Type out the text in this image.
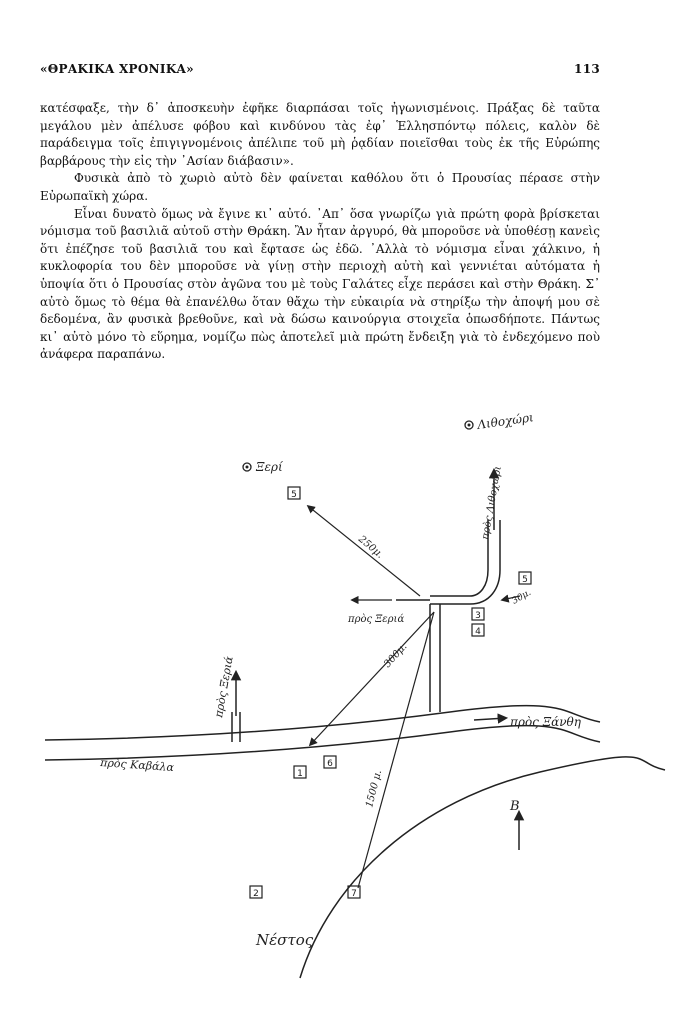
«ΘΡΑΚΙΚΑ ΧΡΟΝΙΚΑ»	113

κατέσφαξε, τὴν δ᾿ ἀποσκευὴν ἐφῆκε διαρπάσαι τοῖς ἠγωνισμένοις. Πράξας δὲ ταῦτα μεγάλου μὲν ἀπέλυσε φόβου καὶ κινδύνου τὰς ἐφ᾿ Ἑλλησπόντῳ πόλεις, καλὸν δὲ παράδειγμα τοῖς ἐπιγιγνομένοις ἀπέλιπε τοῦ μὴ ῥᾳδίαν ποιεῖσθαι τοὺς ἐκ τῆς Εὐρώπης βαρβάρους τὴν εἰς τὴν ᾿Ασίαν διάβασιν».

Φυσικὰ ἀπὸ τὸ χωριὸ αὐτὸ δὲν φαίνεται καθόλου ὅτι ὁ Προυσίας πέρασε στὴν Εὐρωπαϊκὴ χώρα.

Εἶναι δυνατὸ ὅμως νὰ ἔγινε κι᾿ αὐτό. ᾿Απ᾿ ὅσα γνωρίζω γιὰ πρώτη φορὰ βρίσκεται νόμισμα τοῦ βασιλιᾶ αὐτοῦ στὴν Θράκη. Ἂν ἦταν ἀργυρό, θὰ μποροῦσε νὰ ὑποθέσῃ κανεὶς ὅτι ἐπέζησε τοῦ βασιλιᾶ του καὶ ἔφτασε ὡς ἐδῶ. ᾿Αλλὰ τὸ νόμισμα εἶναι χάλκινο, ἡ κυκλοφορία του δὲν μποροῦσε νὰ γίνῃ στὴν περιοχὴ αὐτὴ καὶ γεννιέται αὐτόματα ἡ ὑποψία ὅτι ὁ Προυσίας στὸν ἀγῶνα του μὲ τοὺς Γαλάτες εἶχε περάσει καὶ στὴν Θράκη. Σ᾿ αὐτὸ ὅμως τὸ θέμα θὰ ἐπανέλθω ὅταν θἄχω τὴν εὐκαιρία νὰ στηρίξω τὴν ἀποψή μου σὲ δεδομένα, ἂν φυσικὰ βρεθοῦνε, καὶ νὰ δώσω καινούργια στοιχεῖα ὁπωσδήποτε. Πάντως κι᾿ αὐτὸ μόνο τὸ εὕρημα, νομίζω πὼς ἀποτελεῖ μιὰ πρώτη ἔνδειξη γιὰ τὸ ἐνδεχόμενο ποὺ ἀνάφερα παραπάνω.

Λιθοχώρι
Ξερί	πρὸς Λιθοχώρι
πρὸς Ξεριά
πρὸς Ξεριά
πρὸς Ξάνθη
πρὸς Καβάλα
250μ.
300μ.
1500 μ.
30μ.
Β
Νέστος
5
5
3
4
1
6
2	7
